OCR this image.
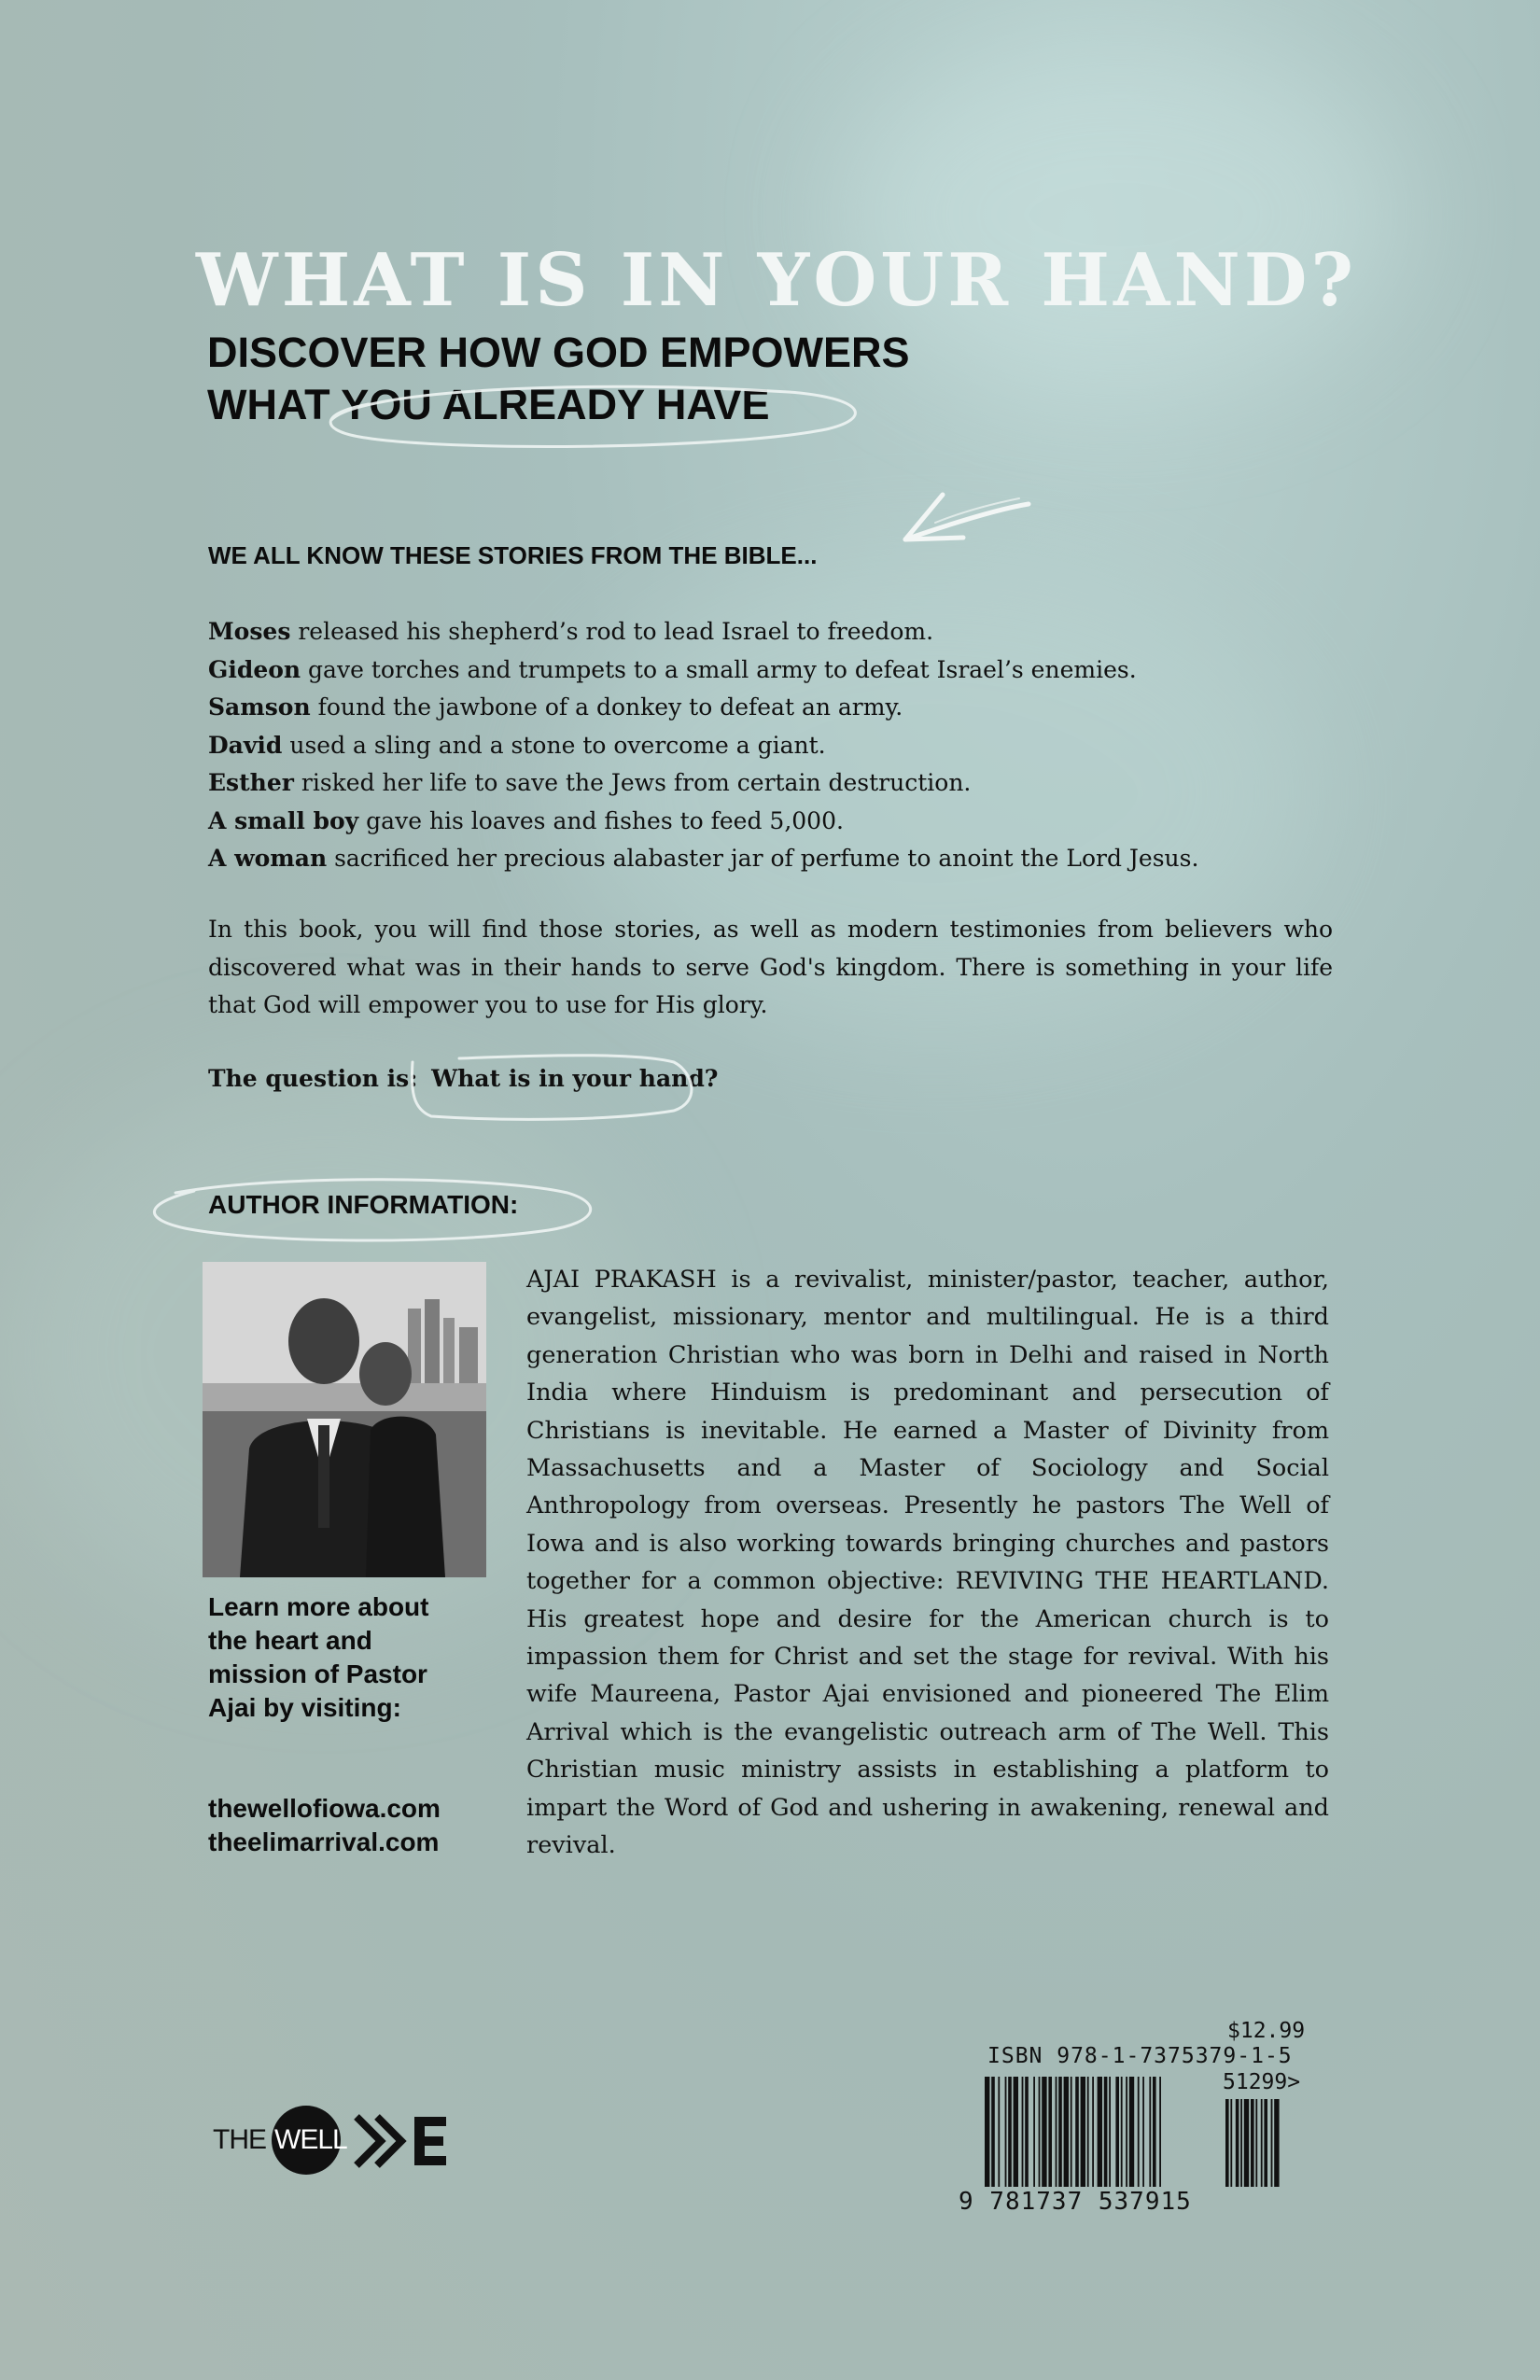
WHAT IS IN YOUR HAND?
DISCOVER HOW GOD EMPOWERS
WHAT YOU ALREADY HAVE
WE ALL KNOW THESE STORIES FROM THE BIBLE...
Moses released his shepherd’s rod to lead Israel to freedom.
Gideon gave torches and trumpets to a small army to defeat Israel’s enemies.
Samson found the jawbone of a donkey to defeat an army.
David used a sling and a stone to overcome a giant.
Esther risked her life to save the Jews from certain destruction.
A small boy gave his loaves and fishes to feed 5,000.
A woman sacrificed her precious alabaster jar of perfume to anoint the Lord Jesus.

In this book, you will find those stories, as well as modern testimonies from believers who discovered what was in their hands to serve God's kingdom. There is something in your life that God will empower you to use for His glory.

The question is: What is in your hand?
AUTHOR INFORMATION:

Learn more about the heart and mission of Pastor Ajai by visiting:

thewellofiowa.com
theelimarrival.com

AJAI PRAKASH is a revivalist, minister/pastor, teacher, author, evangelist, missionary, mentor and multilingual. He is a third generation Christian who was born in Delhi and raised in North India where Hinduism is predominant and persecution of Christians is inevitable. He earned a Master of Divinity from Massachusetts and a Master of Sociology and Social Anthropology from overseas. Presently he pastors The Well of Iowa and is also working towards bringing churches and pastors together for a common objective: REVIVING THE HEARTLAND. His greatest hope and desire for the American church is to impassion them for Christ and set the stage for revival. With his wife Maureena, Pastor Ajai envisioned and pioneered The Elim Arrival which is the evangelistic outreach arm of The Well. This Christian music ministry assists in establishing a platform to impart the Word of God and ushering in awakening, renewal and revival.

THE WELL
$12.99
ISBN 978-1-7375379-1-5
51299>
9 781737 537915
